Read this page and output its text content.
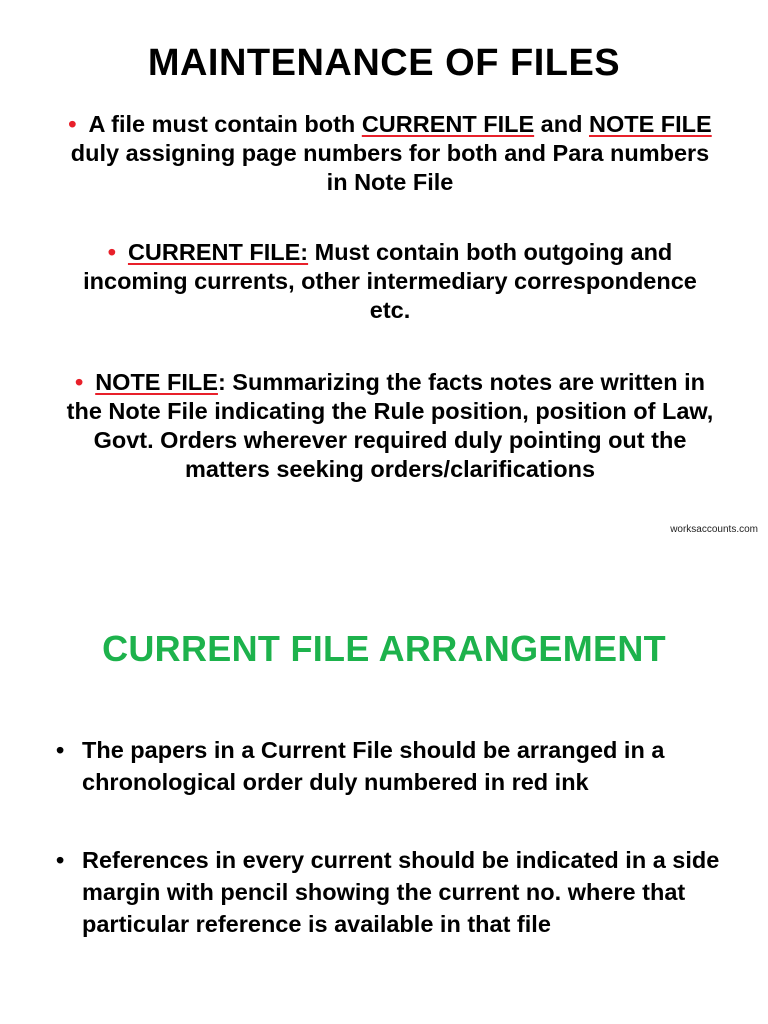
MAINTENANCE OF FILES
• A file must contain both CURRENT FILE and NOTE FILE duly assigning page numbers for both and Para numbers in Note File
• CURRENT FILE: Must contain both outgoing and incoming currents, other intermediary correspondence etc.
• NOTE FILE: Summarizing the facts notes are written in the Note File indicating the Rule position, position of Law, Govt. Orders wherever required duly pointing out the matters seeking orders/clarifications
worksaccounts.com
CURRENT FILE ARRANGEMENT
• The papers in a Current File should be arranged in a chronological order duly numbered in red ink
• References in every current should be indicated in a side margin with pencil showing the current no. where that particular reference is available in that file
